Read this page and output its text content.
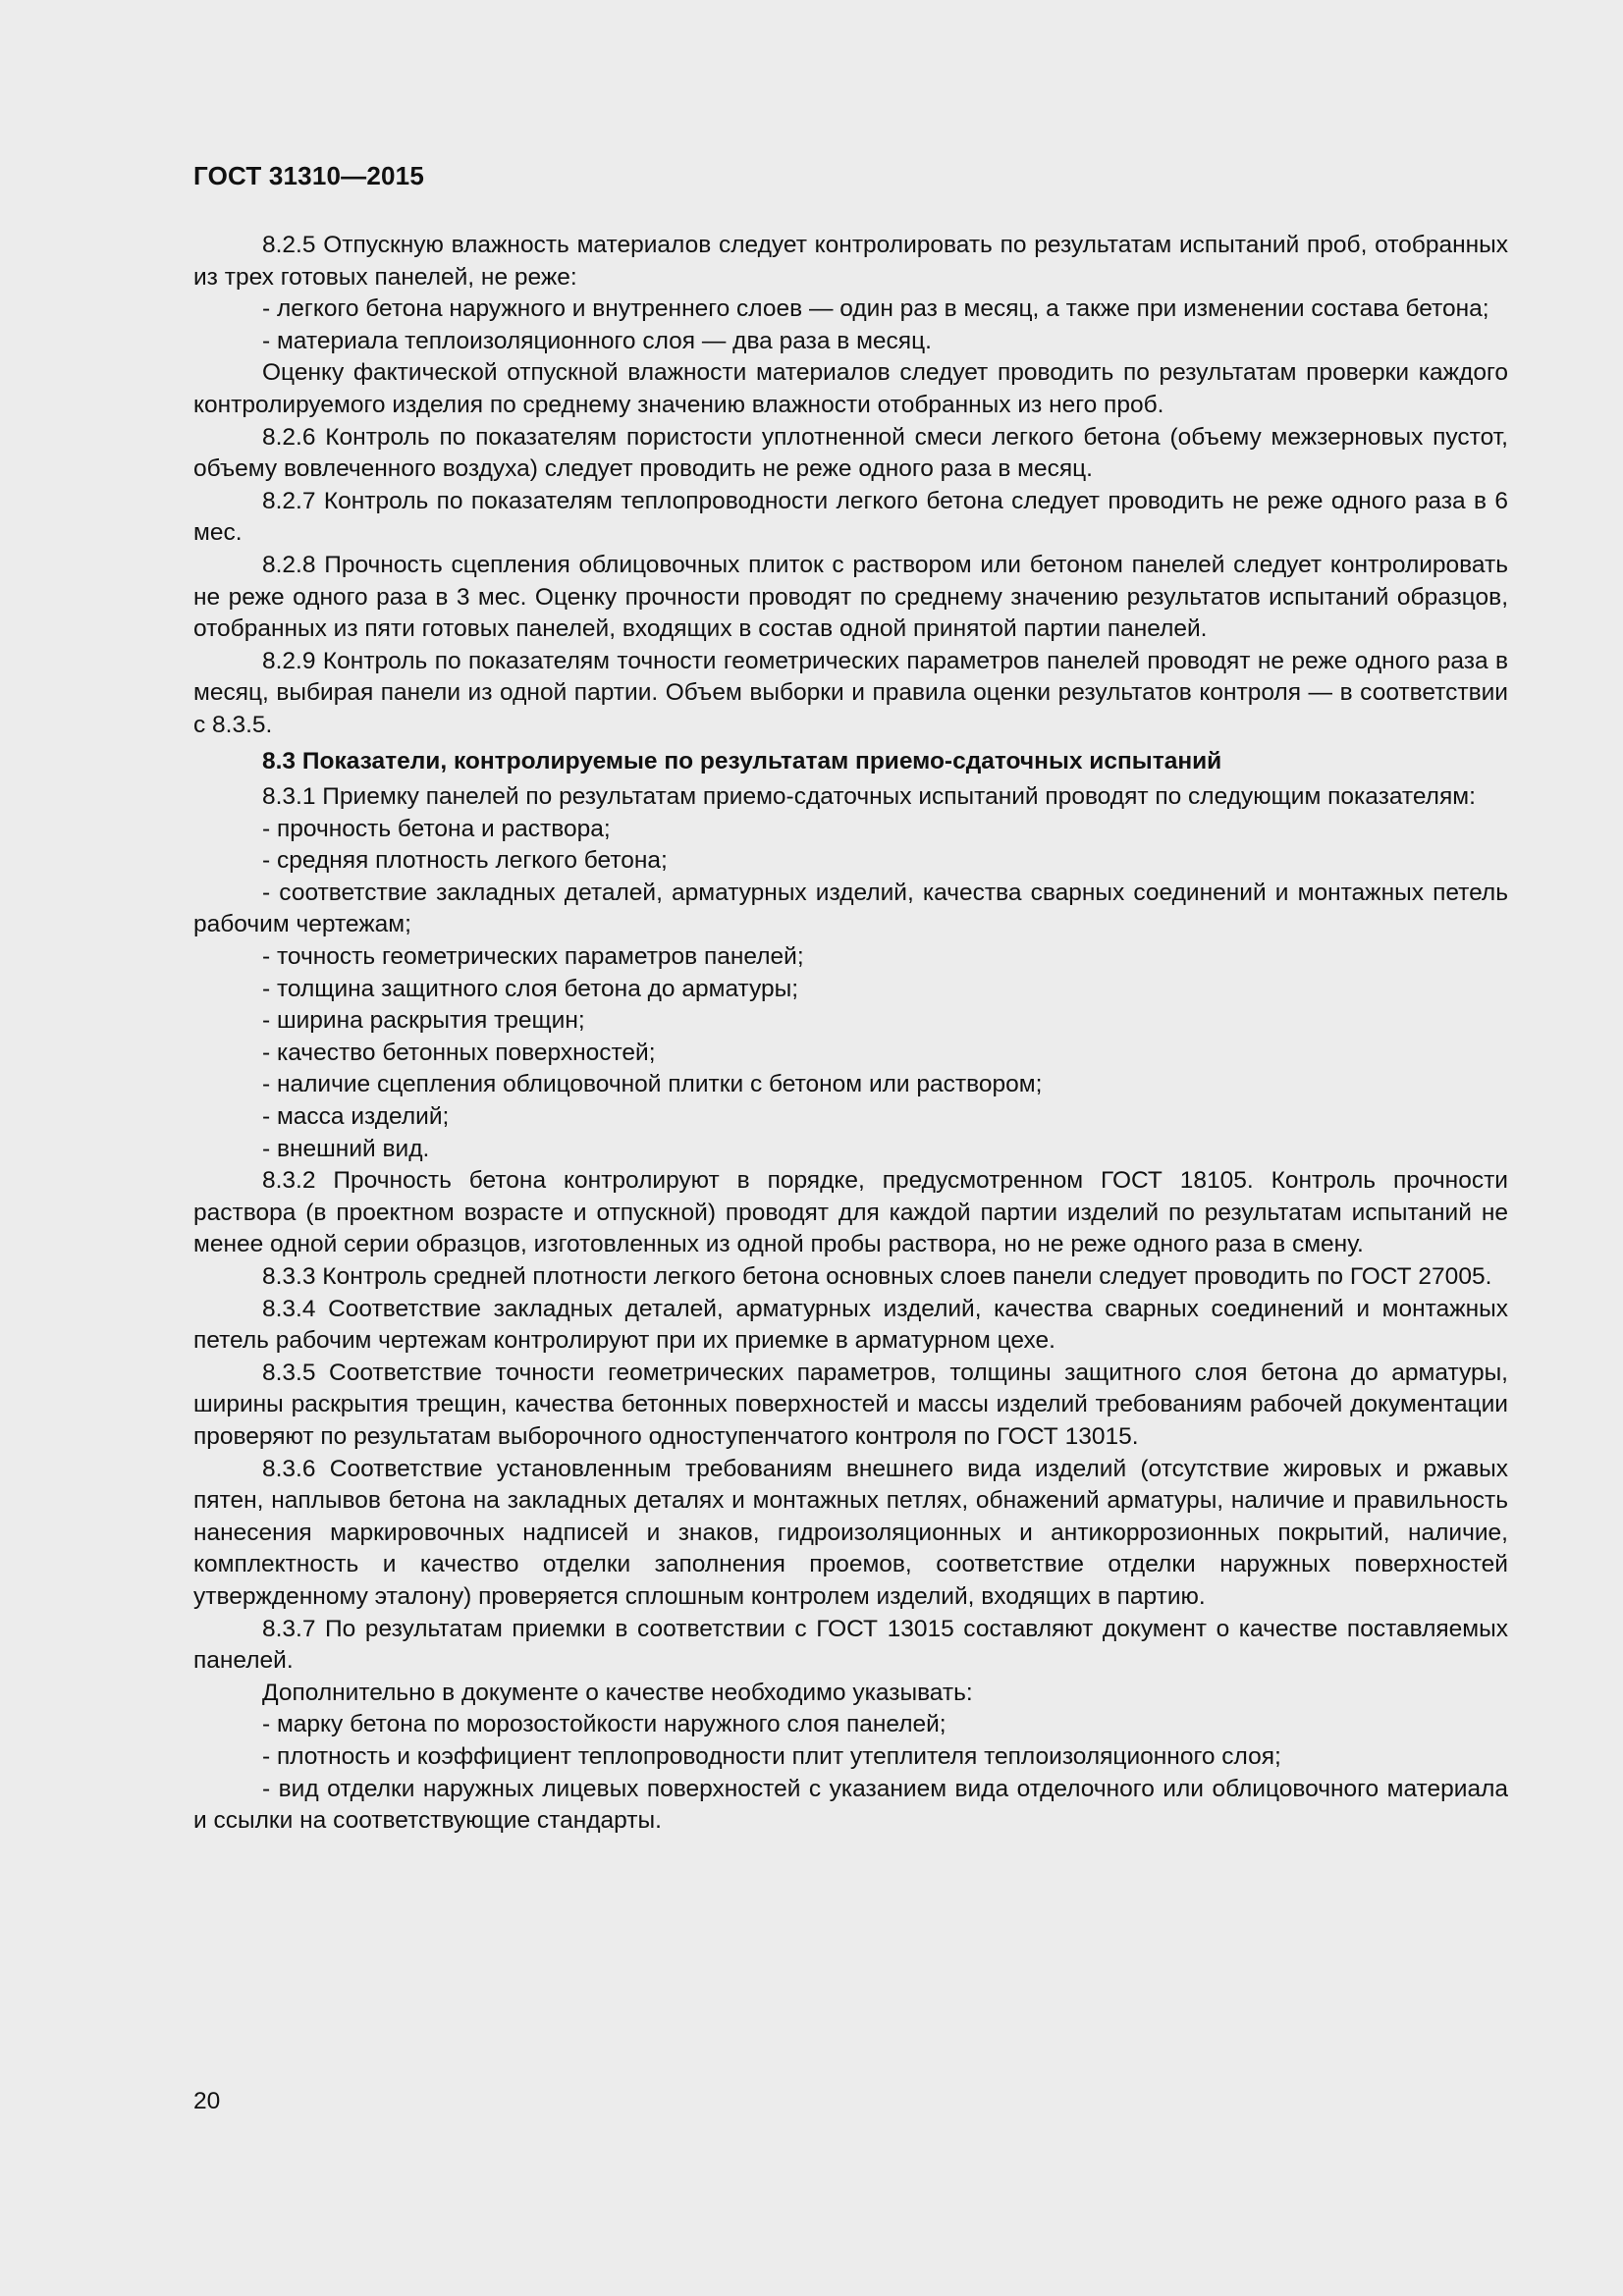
ГОСТ 31310—2015

8.2.5 Отпускную влажность материалов следует контролировать по результатам испытаний проб, отобранных из трех готовых панелей, не реже:

- легкого бетона наружного и внутреннего слоев — один раз в месяц, а также при изменении состава бетона;

- материала теплоизоляционного слоя — два раза в месяц.

Оценку фактической отпускной влажности материалов следует проводить по результатам проверки каждого контролируемого изделия по среднему значению влажности отобранных из него проб.

8.2.6 Контроль по показателям пористости уплотненной смеси легкого бетона (объему межзерновых пустот, объему вовлеченного воздуха) следует проводить не реже одного раза в месяц.

8.2.7 Контроль по показателям теплопроводности легкого бетона следует проводить не реже одного раза в 6 мес.

8.2.8 Прочность сцепления облицовочных плиток с раствором или бетоном панелей следует контролировать не реже одного раза в 3 мес. Оценку прочности проводят по среднему значению результатов испытаний образцов, отобранных из пяти готовых панелей, входящих в состав одной принятой партии панелей.

8.2.9 Контроль по показателям точности геометрических параметров панелей проводят не реже одного раза в месяц, выбирая панели из одной партии. Объем выборки и правила оценки результатов контроля — в соответствии с 8.3.5.

8.3 Показатели, контролируемые по результатам приемо-сдаточных испытаний

8.3.1 Приемку панелей по результатам приемо-сдаточных испытаний проводят по следующим показателям:

- прочность бетона и раствора;

- средняя плотность легкого бетона;

- соответствие закладных деталей, арматурных изделий, качества сварных соединений и монтажных петель рабочим чертежам;

- точность геометрических параметров панелей;

- толщина защитного слоя бетона до арматуры;

- ширина раскрытия трещин;

- качество бетонных поверхностей;

- наличие сцепления облицовочной плитки с бетоном или раствором;

- масса изделий;

- внешний вид.

8.3.2 Прочность бетона контролируют в порядке, предусмотренном ГОСТ 18105. Контроль прочности раствора (в проектном возрасте и отпускной) проводят для каждой партии изделий по результатам испытаний не менее одной серии образцов, изготовленных из одной пробы раствора, но не реже одного раза в смену.

8.3.3 Контроль средней плотности легкого бетона основных слоев панели следует проводить по ГОСТ 27005.

8.3.4 Соответствие закладных деталей, арматурных изделий, качества сварных соединений и монтажных петель рабочим чертежам контролируют при их приемке в арматурном цехе.

8.3.5 Соответствие точности геометрических параметров, толщины защитного слоя бетона до арматуры, ширины раскрытия трещин, качества бетонных поверхностей и массы изделий требованиям рабочей документации проверяют по результатам выборочного одноступенчатого контроля по ГОСТ 13015.

8.3.6 Соответствие установленным требованиям внешнего вида изделий (отсутствие жировых и ржавых пятен, наплывов бетона на закладных деталях и монтажных петлях, обнажений арматуры, наличие и правильность нанесения маркировочных надписей и знаков, гидроизоляционных и антикоррозионных покрытий, наличие, комплектность и качество отделки заполнения проемов, соответствие отделки наружных поверхностей утвержденному эталону) проверяется сплошным контролем изделий, входящих в партию.

8.3.7 По результатам приемки в соответствии с ГОСТ 13015 составляют документ о качестве поставляемых панелей.

Дополнительно в документе о качестве необходимо указывать:

- марку бетона по морозостойкости наружного слоя панелей;

- плотность и коэффициент теплопроводности плит утеплителя теплоизоляционного слоя;

- вид отделки наружных лицевых поверхностей с указанием вида отделочного или облицовочного материала и ссылки на соответствующие стандарты.

20
